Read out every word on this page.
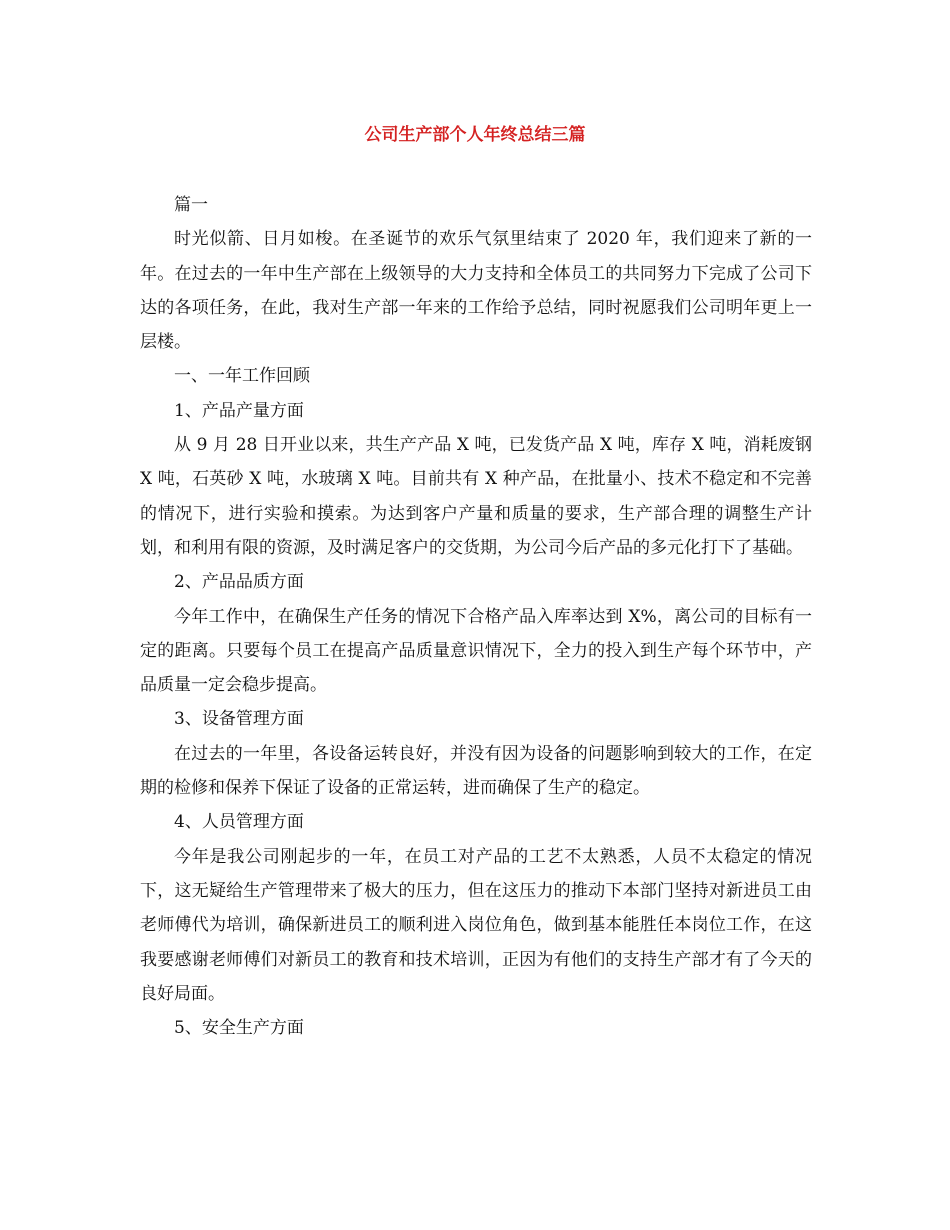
公司生产部个人年终总结三篇

篇一

时光似箭、日月如梭。在圣诞节的欢乐气氛里结束了 2020 年，我们迎来了新的一年。在过去的一年中生产部在上级领导的大力支持和全体员工的共同努力下完成了公司下达的各项任务，在此，我对生产部一年来的工作给予总结，同时祝愿我们公司明年更上一层楼。

一、一年工作回顾

1、产品产量方面

从 9 月 28 日开业以来，共生产产品 X 吨，已发货产品 X 吨，库存 X 吨，消耗废钢 X 吨，石英砂 X 吨，水玻璃 X 吨。目前共有 X 种产品，在批量小、技术不稳定和不完善的情况下，进行实验和摸索。为达到客户产量和质量的要求，生产部合理的调整生产计划，和利用有限的资源，及时满足客户的交货期，为公司今后产品的多元化打下了基础。

2、产品品质方面

今年工作中，在确保生产任务的情况下合格产品入库率达到 X%，离公司的目标有一定的距离。只要每个员工在提高产品质量意识情况下，全力的投入到生产每个环节中，产品质量一定会稳步提高。

3、设备管理方面

在过去的一年里，各设备运转良好，并没有因为设备的问题影响到较大的工作，在定期的检修和保养下保证了设备的正常运转，进而确保了生产的稳定。

4、人员管理方面

今年是我公司刚起步的一年，在员工对产品的工艺不太熟悉，人员不太稳定的情况下，这无疑给生产管理带来了极大的压力，但在这压力的推动下本部门坚持对新进员工由老师傅代为培训，确保新进员工的顺利进入岗位角色，做到基本能胜任本岗位工作，在这我要感谢老师傅们对新员工的教育和技术培训，正因为有他们的支持生产部才有了今天的良好局面。

5、安全生产方面
